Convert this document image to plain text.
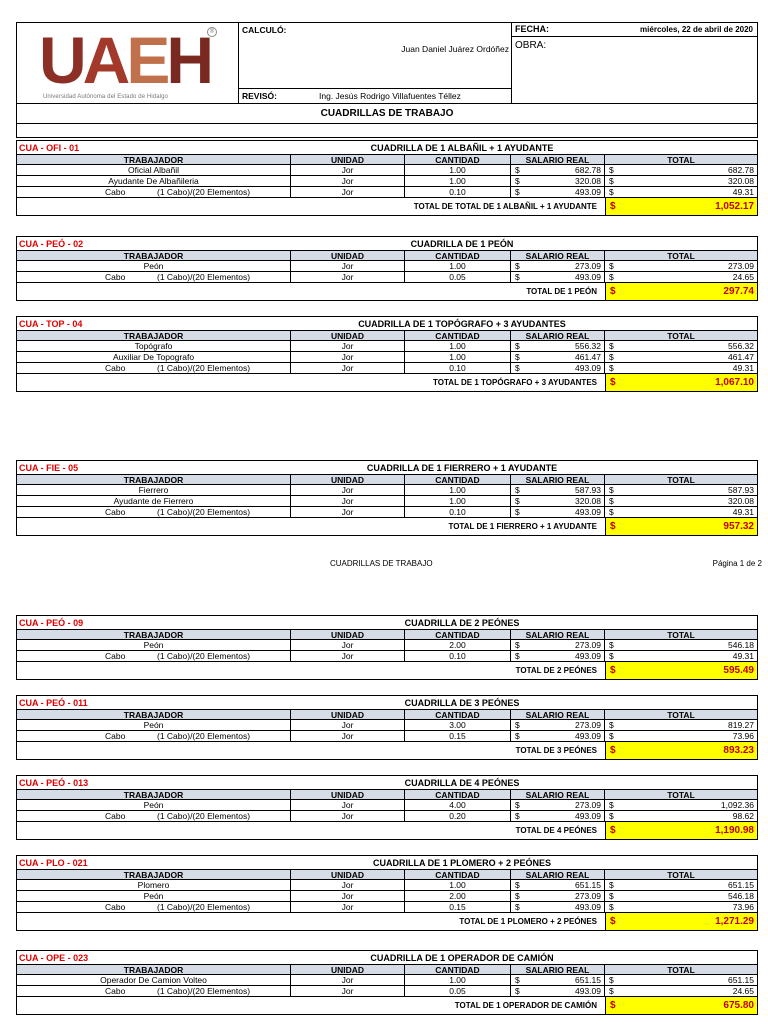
U A E H ®
Universidad Autónoma del Estado de Hidalgo
CALCULÓ:
Juan Daniel Juárez Ordóñez
REVISÓ:	Ing. Jesús Rodrigo Villafuentes Téllez
FECHA:	miércoles, 22 de abril de 2020
OBRA:
CUADRILLAS DE TRABAJO
CUA - OFI - 01	CUADRILLA DE 1 ALBAÑIL + 1 AYUDANTE
TRABAJADOR	UNIDAD	CANTIDAD	SALARIO REAL	TOTAL
Oficial Albañil	Jor	1.00	$	682.78 $	682.78
Ayudante De Albañileria	Jor	1.00	$	320.08 $	320.08
Cabo	(1 Cabo)/(20 Elementos)	Jor	0.10	$	493.09 $	49.31
TOTAL DE TOTAL DE 1 ALBAÑIL + 1 AYUDANTE $	1,052.17
CUA - PEÓ - 02	CUADRILLA DE 1 PEÓN
TRABAJADOR	UNIDAD	CANTIDAD	SALARIO REAL	TOTAL
Peón	Jor	1.00	$	273.09 $	273.09
Cabo	(1 Cabo)/(20 Elementos)	Jor	0.05	$	493.09 $	24.65
TOTAL DE 1 PEÓN $	297.74
CUA - TOP - 04	CUADRILLA DE 1 TOPÓGRAFO + 3 AYUDANTES
TRABAJADOR	UNIDAD	CANTIDAD	SALARIO REAL	TOTAL
Topógrafo	Jor	1.00	$	556.32 $	556.32
Auxiliar De Topografo	Jor	1.00	$	461.47 $	461.47
Cabo	(1 Cabo)/(20 Elementos)	Jor	0.10	$	493.09 $	49.31
TOTAL DE 1 TOPÓGRAFO + 3 AYUDANTES $	1,067.10
CUA - FIE - 05	CUADRILLA DE 1 FIERRERO + 1 AYUDANTE
TRABAJADOR	UNIDAD	CANTIDAD	SALARIO REAL	TOTAL
Fierrero	Jor	1.00	$	587.93 $	587.93
Ayudante de Fierrero	Jor	1.00	$	320.08 $	320.08
Cabo	(1 Cabo)/(20 Elementos)	Jor	0.10	$	493.09 $	49.31
TOTAL DE 1 FIERRERO + 1 AYUDANTE $	957.32
CUA - PEÓ - 09	CUADRILLA DE 2 PEÓNES
TRABAJADOR	UNIDAD	CANTIDAD	SALARIO REAL	TOTAL
Peón	Jor	2.00	$	273.09 $	546.18
Cabo	(1 Cabo)/(20 Elementos)	Jor	0.10	$	493.09 $	49.31
TOTAL DE 2 PEÓNES $	595.49
CUA - PEÓ - 011	CUADRILLA DE 3 PEÓNES
TRABAJADOR	UNIDAD	CANTIDAD	SALARIO REAL	TOTAL
Peón	Jor	3.00	$	273.09 $	819.27
Cabo	(1 Cabo)/(20 Elementos)	Jor	0.15	$	493.09 $	73.96
TOTAL DE 3 PEÓNES $	893.23
CUA - PEÓ - 013	CUADRILLA DE 4 PEÓNES
TRABAJADOR	UNIDAD	CANTIDAD	SALARIO REAL	TOTAL
Peón	Jor	4.00	$	273.09 $	1,092.36
Cabo	(1 Cabo)/(20 Elementos)	Jor	0.20	$	493.09 $	98.62
TOTAL DE 4 PEÓNES $	1,190.98
CUA - PLO - 021	CUADRILLA DE 1 PLOMERO + 2 PEÓNES
TRABAJADOR	UNIDAD	CANTIDAD	SALARIO REAL	TOTAL
Plomero	Jor	1.00	$	651.15 $	651.15
Peón	Jor	2.00	$	273.09 $	546.18
Cabo	(1 Cabo)/(20 Elementos)	Jor	0.15	$	493.09 $	73.96
TOTAL DE 1 PLOMERO + 2 PEÓNES $	1,271.29
CUA - OPE - 023	CUADRILLA DE 1 OPERADOR DE CAMIÓN
TRABAJADOR	UNIDAD	CANTIDAD	SALARIO REAL	TOTAL
Operador De Camion Volteo	Jor	1.00	$	651.15 $	651.15
Cabo	(1 Cabo)/(20 Elementos)	Jor	0.05	$	493.09 $	24.65
TOTAL DE 1 OPERADOR DE CAMIÓN $	675.80
CUADRILLAS DE TRABAJO	Página 1 de 2
